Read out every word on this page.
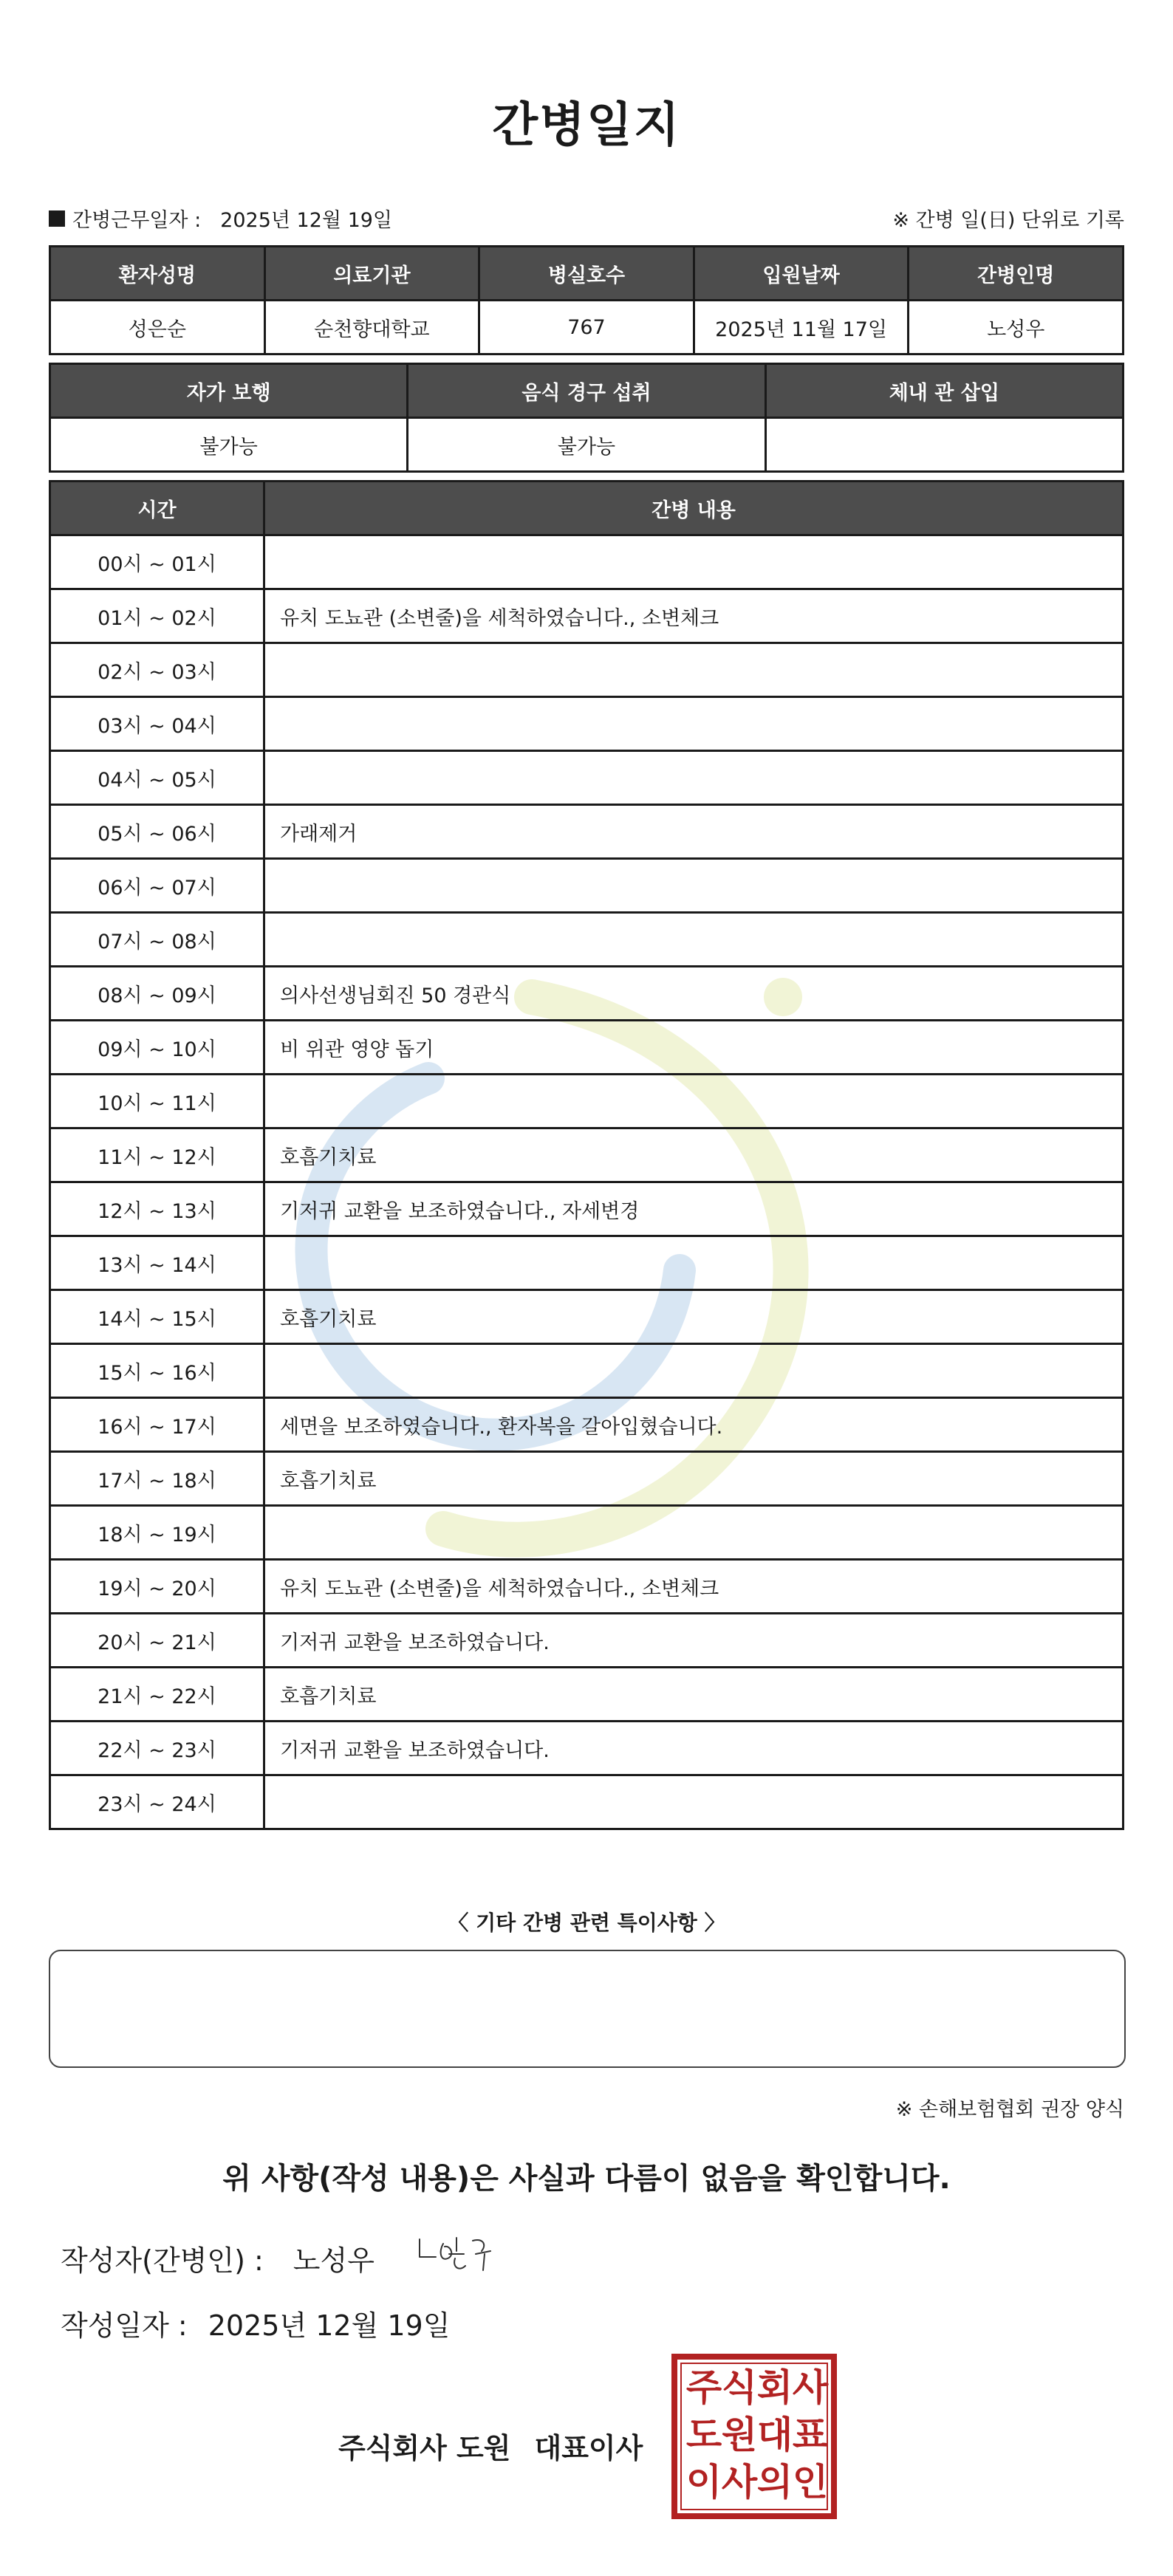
간병일지
간병근무일자 : 2025년 12월 19일	※ 간병 일(日) 단위로 기록
환자성명	의료기관	병실호수	입원날짜	간병인명
성은순	순천향대학교	767	2025년 11월 17일	노성우
자가 보행	음식 경구 섭취	체내 관 삽입
불가능	불가능	
시간	간병 내용
00시 ~ 01시	
01시 ~ 02시	유치 도뇨관 (소변줄)을 세척하였습니다., 소변체크
02시 ~ 03시	
03시 ~ 04시	
04시 ~ 05시	
05시 ~ 06시	가래제거
06시 ~ 07시	
07시 ~ 08시	
08시 ~ 09시	의사선생님회진 50 경관식
09시 ~ 10시	비 위관 영양 돕기
10시 ~ 11시	
11시 ~ 12시	호흡기치료
12시 ~ 13시	기저귀 교환을 보조하였습니다., 자세변경
13시 ~ 14시	
14시 ~ 15시	호흡기치료
15시 ~ 16시	
16시 ~ 17시	세면을 보조하였습니다., 환자복을 갈아입혔습니다.
17시 ~ 18시	호흡기치료
18시 ~ 19시	
19시 ~ 20시	유치 도뇨관 (소변줄)을 세척하였습니다., 소변체크
20시 ~ 21시	기저귀 교환을 보조하였습니다.
21시 ~ 22시	호흡기치료
22시 ~ 23시	기저귀 교환을 보조하였습니다.
23시 ~ 24시	
〈 기타 간병 관련 특이사항 〉
※ 손해보험협회 권장 양식
위 사항(작성 내용)은 사실과 다름이 없음을 확인합니다.
작성자(간병인) : 노성우
작성일자 : 2025년 12월 19일
주식회사 도원 대표이사
주 식 회 사
도 원 대 표
이 사 의 인
